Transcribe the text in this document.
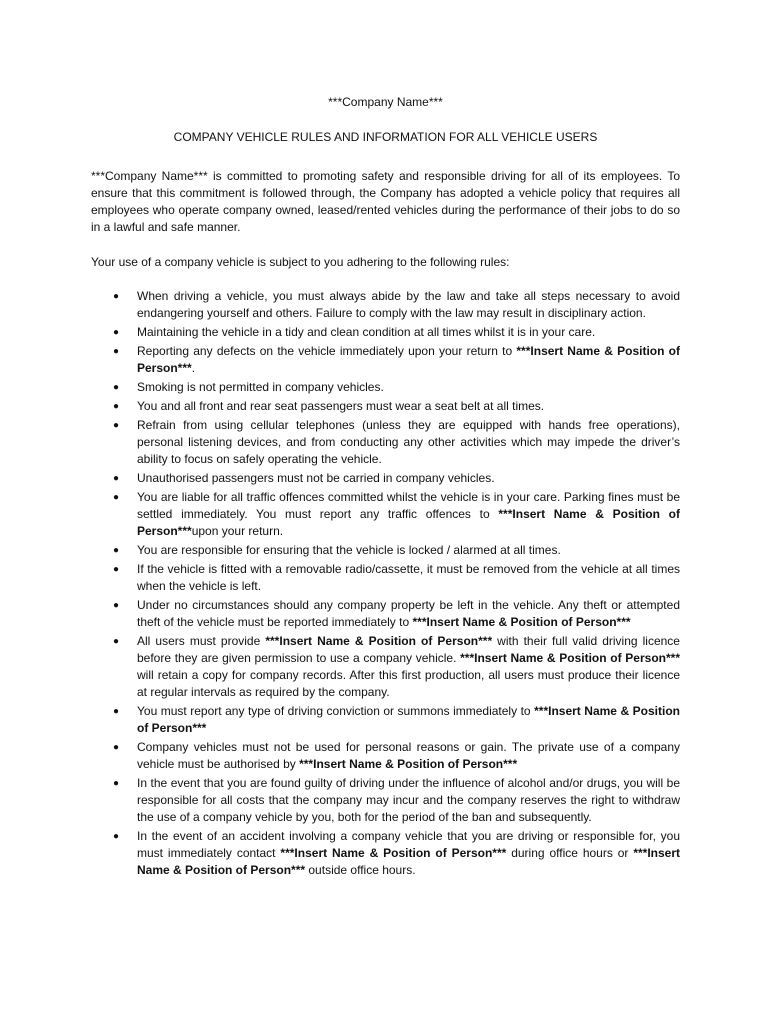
***Company Name***
COMPANY VEHICLE RULES AND INFORMATION FOR ALL VEHICLE USERS

***Company Name*** is committed to promoting safety and responsible driving for all of its employees. To ensure that this commitment is followed through, the Company has adopted a vehicle policy that requires all employees who operate company owned, leased/rented vehicles during the performance of their jobs to do so in a lawful and safe manner.

Your use of a company vehicle is subject to you adhering to the following rules:

● When driving a vehicle, you must always abide by the law and take all steps necessary to avoid endangering yourself and others. Failure to comply with the law may result in disciplinary action.
● Maintaining the vehicle in a tidy and clean condition at all times whilst it is in your care.
● Reporting any defects on the vehicle immediately upon your return to ***Insert Name & Position of Person***.
● Smoking is not permitted in company vehicles.
● You and all front and rear seat passengers must wear a seat belt at all times.
● Refrain from using cellular telephones (unless they are equipped with hands free operations), personal listening devices, and from conducting any other activities which may impede the driver’s ability to focus on safely operating the vehicle.
● Unauthorised passengers must not be carried in company vehicles.
● You are liable for all traffic offences committed whilst the vehicle is in your care. Parking fines must be settled immediately. You must report any traffic offences to ***Insert Name & Position of Person***upon your return.
● You are responsible for ensuring that the vehicle is locked / alarmed at all times.
● If the vehicle is fitted with a removable radio/cassette, it must be removed from the vehicle at all times when the vehicle is left.
● Under no circumstances should any company property be left in the vehicle. Any theft or attempted theft of the vehicle must be reported immediately to ***Insert Name & Position of Person***
● All users must provide ***Insert Name & Position of Person*** with their full valid driving licence before they are given permission to use a company vehicle. ***Insert Name & Position of Person*** will retain a copy for company records. After this first production, all users must produce their licence at regular intervals as required by the company.
● You must report any type of driving conviction or summons immediately to ***Insert Name & Position of Person***
● Company vehicles must not be used for personal reasons or gain. The private use of a company vehicle must be authorised by ***Insert Name & Position of Person***
● In the event that you are found guilty of driving under the influence of alcohol and/or drugs, you will be responsible for all costs that the company may incur and the company reserves the right to withdraw the use of a company vehicle by you, both for the period of the ban and subsequently.
● In the event of an accident involving a company vehicle that you are driving or responsible for, you must immediately contact ***Insert Name & Position of Person*** during office hours or ***Insert Name & Position of Person*** outside office hours.
